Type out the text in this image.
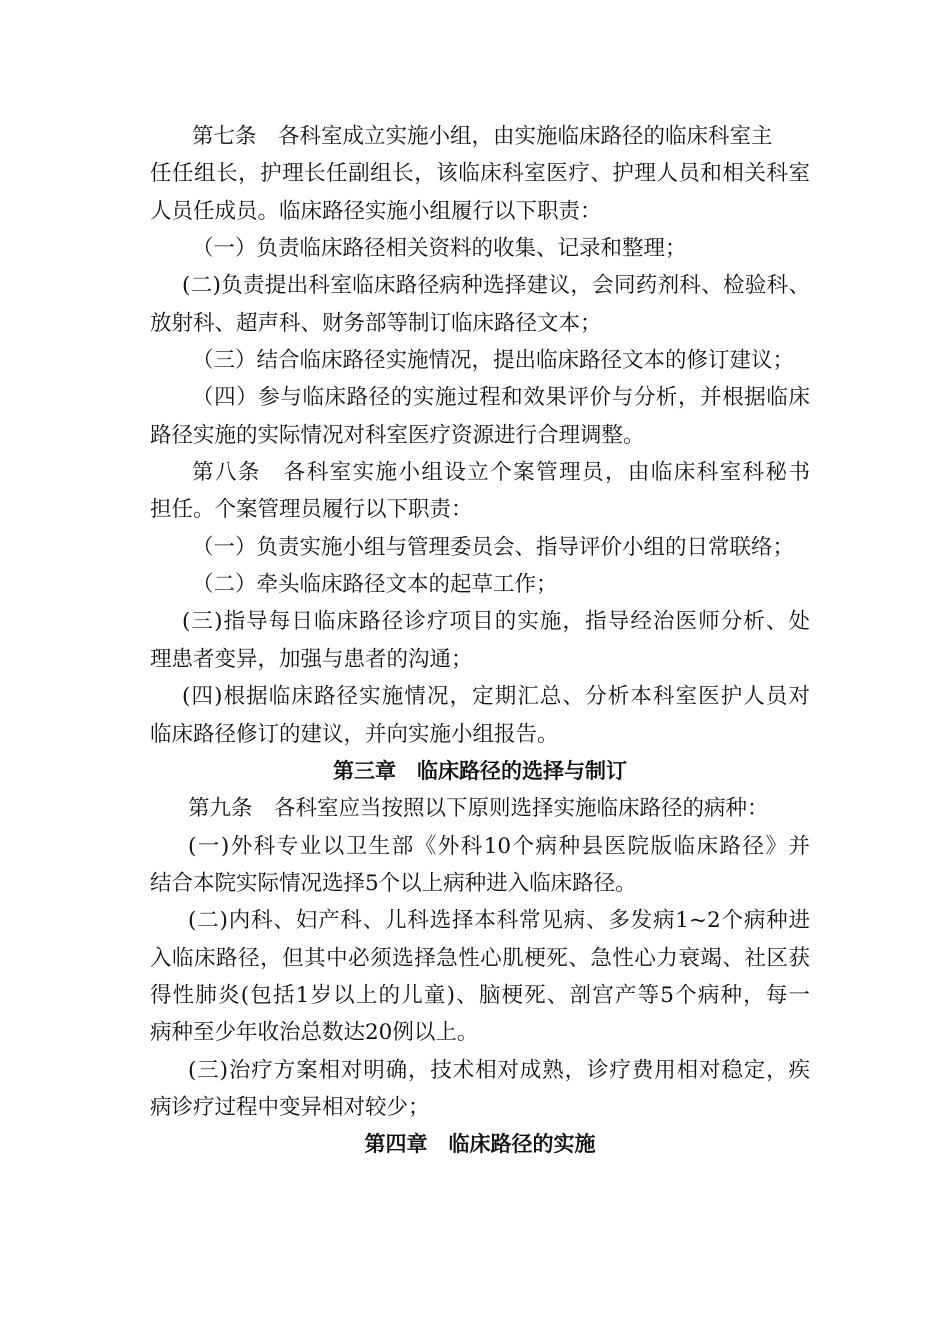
第七条　各科室成立实施小组，由实施临床路径的临床科室主
任任组长，护理长任副组长，该临床科室医疗、护理人员和相关科室
人员任成员。临床路径实施小组履行以下职责：
（一）负责临床路径相关资料的收集、记录和整理；
(二)负责提出科室临床路径病种选择建议，会同药剂科、检验科、
放射科、超声科、财务部等制订临床路径文本；
（三）结合临床路径实施情况，提出临床路径文本的修订建议；
（四）参与临床路径的实施过程和效果评价与分析，并根据临床
路径实施的实际情况对科室医疗资源进行合理调整。
第八条　各科室实施小组设立个案管理员，由临床科室科秘书
担任。个案管理员履行以下职责：
（一）负责实施小组与管理委员会、指导评价小组的日常联络；
（二）牵头临床路径文本的起草工作；
(三)指导每日临床路径诊疗项目的实施，指导经治医师分析、处
理患者变异，加强与患者的沟通；
(四)根据临床路径实施情况，定期汇总、分析本科室医护人员对
临床路径修订的建议，并向实施小组报告。
第三章　临床路径的选择与制订
第九条　各科室应当按照以下原则选择实施临床路径的病种：
(一)外科专业以卫生部《外科10个病种县医院版临床路径》并
结合本院实际情况选择5个以上病种进入临床路径。
(二)内科、妇产科、儿科选择本科常见病、多发病1~2个病种进
入临床路径，但其中必须选择急性心肌梗死、急性心力衰竭、社区获
得性肺炎(包括1岁以上的儿童)、脑梗死、剖宫产等5个病种，每一
病种至少年收治总数达20例以上。
(三)治疗方案相对明确，技术相对成熟，诊疗费用相对稳定，疾
病诊疗过程中变异相对较少；
第四章　临床路径的实施
